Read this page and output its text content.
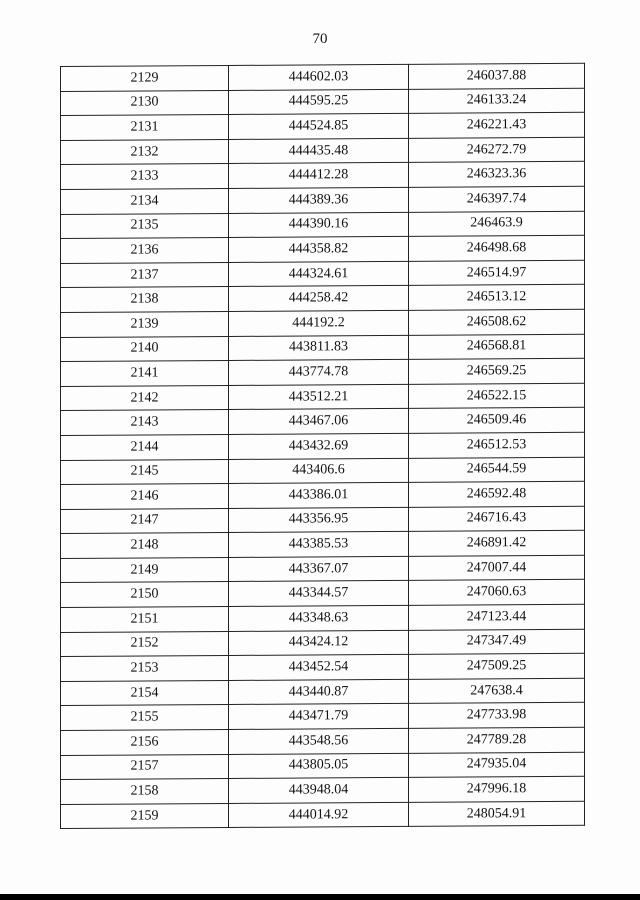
70
2129	444602.03	246037.88
2130	444595.25	246133.24
2131	444524.85	246221.43
2132	444435.48	246272.79
2133	444412.28	246323.36
2134	444389.36	246397.74
2135	444390.16	246463.9
2136	444358.82	246498.68
2137	444324.61	246514.97
2138	444258.42	246513.12
2139	444192.2	246508.62
2140	443811.83	246568.81
2141	443774.78	246569.25
2142	443512.21	246522.15
2143	443467.06	246509.46
2144	443432.69	246512.53
2145	443406.6	246544.59
2146	443386.01	246592.48
2147	443356.95	246716.43
2148	443385.53	246891.42
2149	443367.07	247007.44
2150	443344.57	247060.63
2151	443348.63	247123.44
2152	443424.12	247347.49
2153	443452.54	247509.25
2154	443440.87	247638.4
2155	443471.79	247733.98
2156	443548.56	247789.28
2157	443805.05	247935.04
2158	443948.04	247996.18
2159	444014.92	248054.91
